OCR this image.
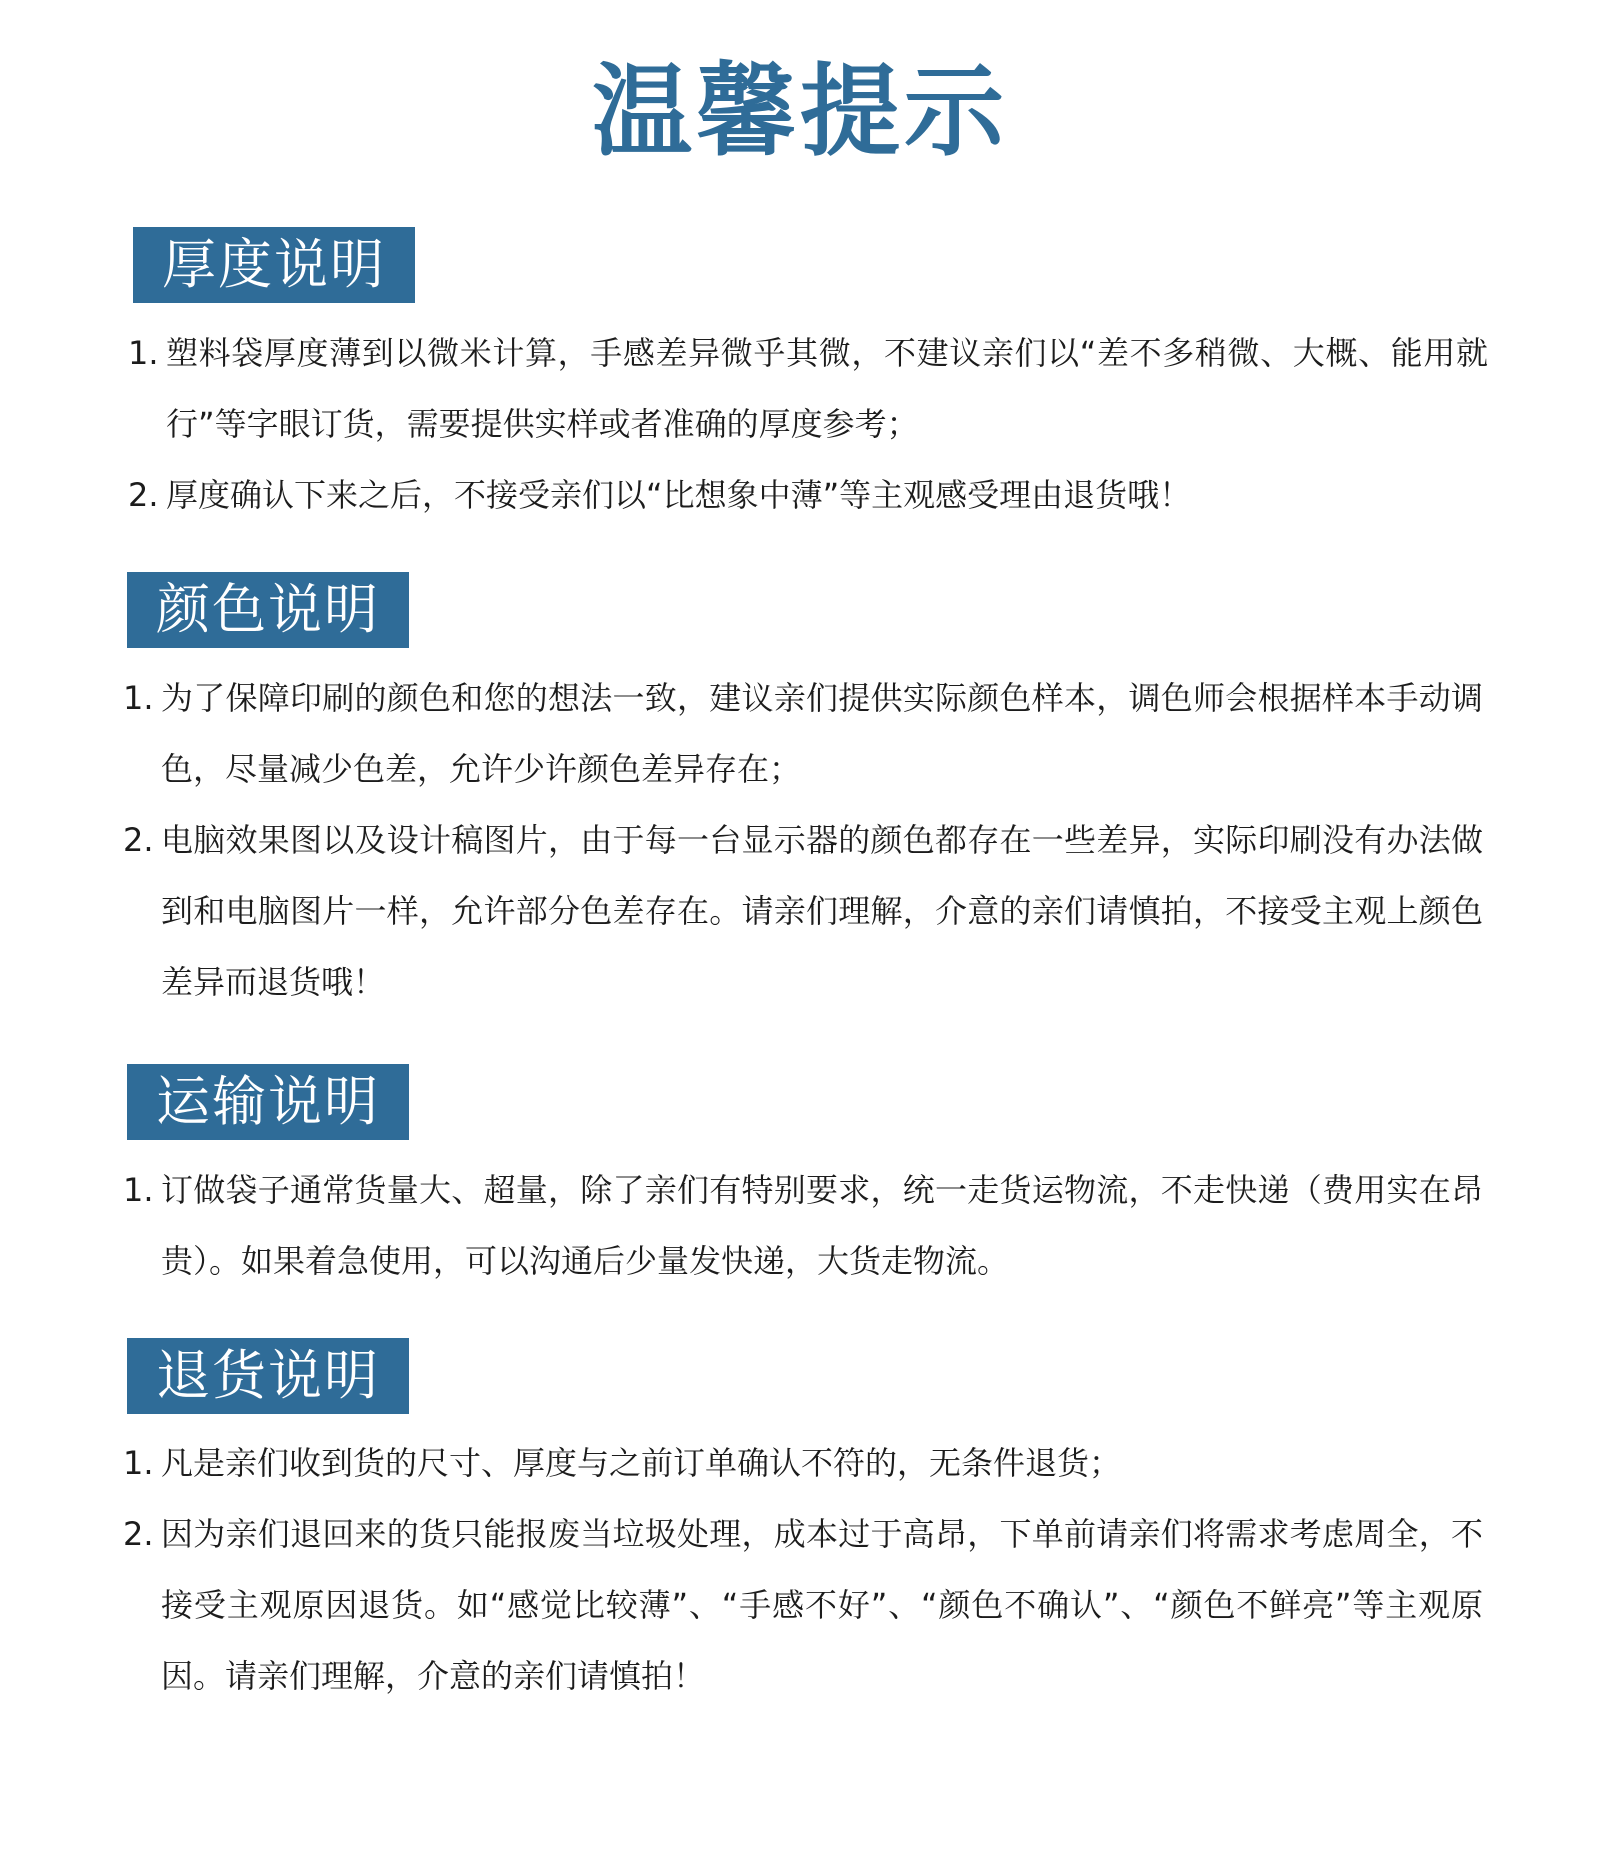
温馨提示
厚度说明
1. 塑料袋厚度薄到以微米计算，手感差异微乎其微，不建议亲们以“差不多稍微、大概、能用就行”等字眼订货，需要提供实样或者准确的厚度参考；
2. 厚度确认下来之后，不接受亲们以“比想象中薄”等主观感受理由退货哦！
颜色说明
1. 为了保障印刷的颜色和您的想法一致，建议亲们提供实际颜色样本，调色师会根据样本手动调色，尽量减少色差，允许少许颜色差异存在；
2. 电脑效果图以及设计稿图片，由于每一台显示器的颜色都存在一些差异，实际印刷没有办法做到和电脑图片一样，允许部分色差存在。请亲们理解，介意的亲们请慎拍，不接受主观上颜色差异而退货哦！
运输说明
1. 订做袋子通常货量大、超量，除了亲们有特别要求，统一走货运物流，不走快递（费用实在昂贵）。如果着急使用，可以沟通后少量发快递，大货走物流。
退货说明
1. 凡是亲们收到货的尺寸、厚度与之前订单确认不符的，无条件退货；
2. 因为亲们退回来的货只能报废当垃圾处理，成本过于高昂，下单前请亲们将需求考虑周全，不接受主观原因退货。如“感觉比较薄”、“手感不好”、“颜色不确认”、“颜色不鲜亮”等主观原因。请亲们理解，介意的亲们请慎拍！
